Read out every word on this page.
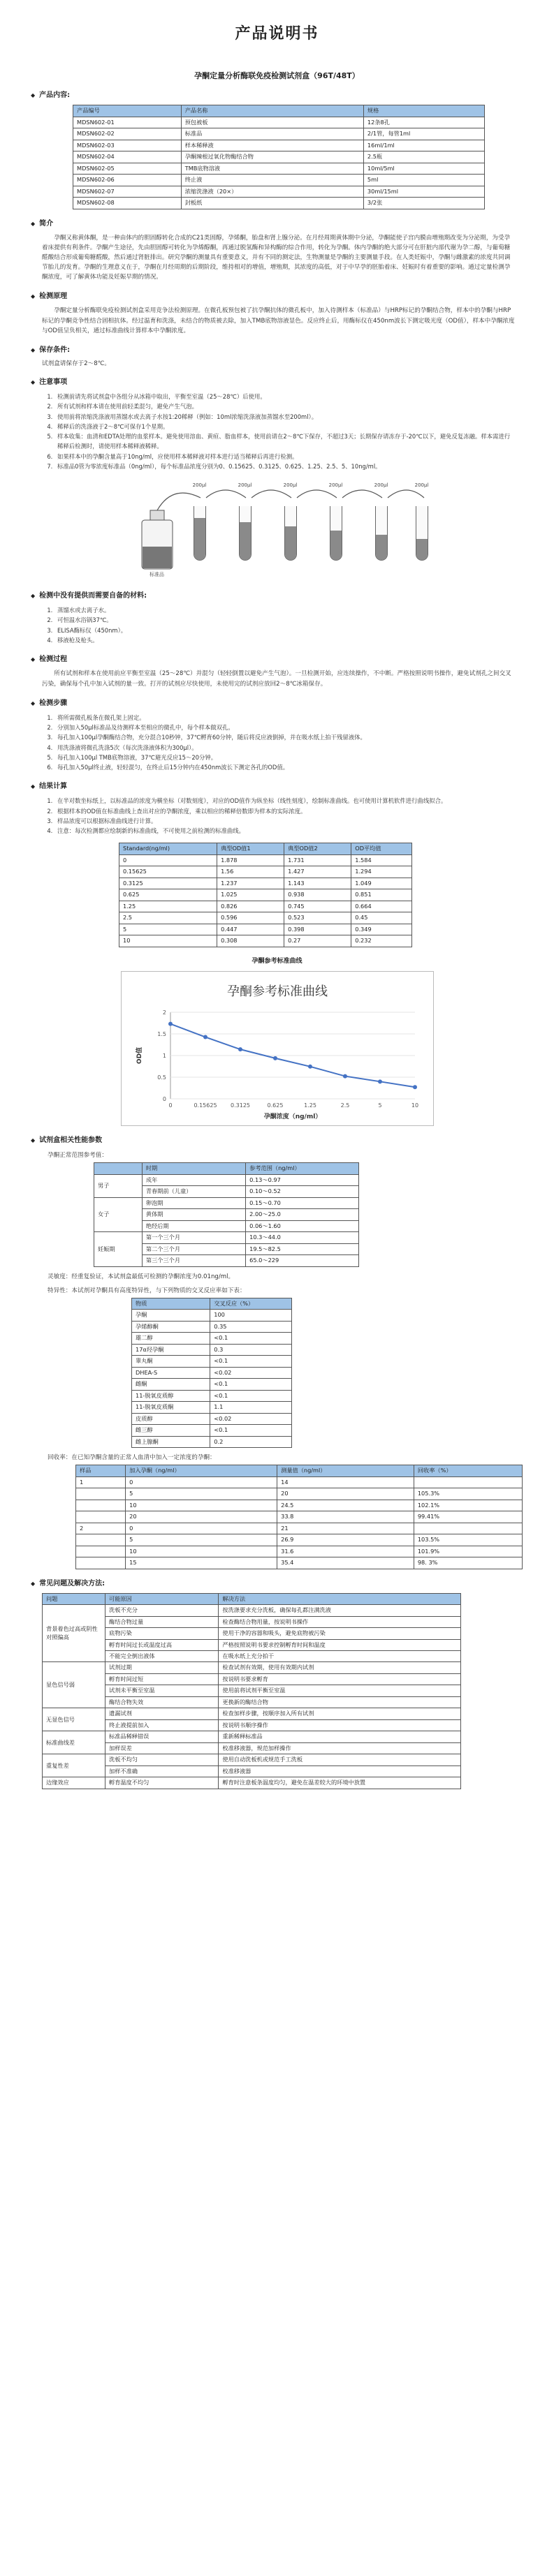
产品说明书
孕酮定量分析酶联免疫检测试剂盒（96T/48T）
◆ 产品内容:
产品编号	产品名称	规格
MDSN602-01	预包被板	12条8孔
MDSN602-02	标准品	2/1管，每管1ml
MDSN602-03	样本稀释液	16ml/1ml
MDSN602-04	孕酮辣根过氧化物酶结合物	2.5瓶
MDSN602-05	TMB底物溶液	10ml/5ml
MDSN602-06	终止液	5ml
MDSN602-07	浓缩洗涤液（20×）	30ml/15ml
MDSN602-08	封板纸	3/2张
◆ 简介
孕酮又称黄体酮，是一种由体内的胆固醇转化合成的C21类固醇，孕烯酮，胎盘和肾上腺分泌。在月经周期黄体期中分泌，孕酮能使子宫内膜由增殖期改变为分泌期，为受孕着床提供有利条件。孕酮产生途径，先由胆固醇可转化为孕烯醇酮，再通过脱氢酶和异构酶的综合作用，转化为孕酮。体内孕酮的绝大部分可在肝脏内部代谢为孕二醇，与葡萄糖醛酸结合形成葡萄糖醛酸，然后通过肾脏排出。研究孕酮的测量具有重要意义，并有不同的测定法，生物测量是孕酮的主要测量手段。在人类妊娠中，孕酮与雌激素的浓度共同调节胎儿的发育。孕酮的生理意义在于，孕酮在月经周期的后期阶段，维持相对的增值，增殖期，其浓度的高低，对于中早孕的胚胎着床、妊娠时有着重要的影响。通过定量检测孕酮浓度，可了解黄体功能及妊娠早期的情况。
◆ 检测原理
孕酮定量分析酶联免疫检测试剂盒采用竞争法检测原理。在微孔板预包被了抗孕酮抗体的微孔板中，加入待测样本（标准品）与HRP标记的孕酮结合物，样本中的孕酮与HRP标记的孕酮竞争性结合固相抗体。经过温育和洗涤，未结合的物质被去除，加入TMB底物溶液显色。反应终止后，用酶标仪在450nm波长下测定吸光度（OD值），样本中孕酮浓度与OD值呈负相关，通过标准曲线计算样本中孕酮浓度。
◆ 保存条件:
试剂盒请保存于2～8℃。
◆ 注意事项
1. 检测前请先将试剂盒中各组分从冰箱中取出，平衡至室温（25～28℃）后使用。
2. 所有试剂和样本请在使用前轻柔混匀，避免产生气泡。
3. 使用前将浓缩洗涤液用蒸馏水或去离子水按1:20稀释（例如：10ml浓缩洗涤液加蒸馏水至200ml）。
4. 稀释后的洗涤液于2～8℃可保存1个星期。
5. 样本收集：血清和EDTA处理的血浆样本。避免使用溶血、黄疸、脂血样本，使用前请在2～8℃下保存，不超过3天；长期保存请冻存于-20℃以下，避免反复冻融。样本需进行稀释后检测时，请使用样本稀释液稀释。
6. 如果样本中的孕酮含量高于10ng/ml，应使用样本稀释液对样本进行适当稀释后再进行检测。
7. 标准品0管为零浓度标准品（0ng/ml），每个标准品浓度分别为0、0.15625、0.3125、0.625、1.25、2.5、5、10ng/ml。
标准品
200μl	200μl	200μl	200μl	200μl	200μl
◆ 检测中没有提供而需要自备的材料:
1. 蒸馏水或去离子水。
2. 可恒温水浴锅37℃。
3. ELISA酶标仪（450nm）。
4. 移液枪及枪头。
◆ 检测过程
所有试剂和样本在使用前应平衡至室温（25～28℃）并混匀（轻轻倒置以避免产生气泡）。一旦检测开始，应连续操作，不中断。严格按照说明书操作，避免试剂孔之间交叉污染，确保每个孔中加入试剂的量一致。打开的试剂应尽快使用，未使用完的试剂应放回2～8℃冰箱保存。
◆ 检测步骤
1. 将所需微孔板条在微孔架上固定。
2. 分别加入50μl标准品及待测样本至相应的微孔中，每个样本做双孔。
3. 每孔加入100μl孕酮酶结合物，充分混合10秒钟，37℃孵育60分钟，随后将反应液倒掉，并在吸水纸上拍干残留液体。
4. 用洗涤液将微孔洗涤5次（每次洗涤液体积为300μl）。
5. 每孔加入100μl TMB底物溶液，37℃避光反应15～20分钟。
6. 每孔加入50μl终止液，轻轻混匀，在终止后15分钟内在450nm波长下测定各孔的OD值。
◆ 结果计算
1. 在半对数坐标纸上，以标准品的浓度为横坐标（对数刻度），对应的OD值作为纵坐标（线性刻度），绘制标准曲线。也可使用计算机软件进行曲线拟合。
2. 根据样本的OD值在标准曲线上查出对应的孕酮浓度，乘以相应的稀释倍数即为样本的实际浓度。
3. 样品浓度可以根据标准曲线进行计算。
4. 注意：每次检测都应绘制新的标准曲线，不可使用之前检测的标准曲线。
Standard(ng/ml)	典型OD值1	典型OD值2	OD平均值
0	1.878	1.731	1.584
0.15625	1.56	1.427	1.294
0.3125	1.237	1.143	1.049
0.625	1.025	0.938	0.851
1.25	0.826	0.745	0.664
2.5	0.596	0.523	0.45
5	0.447	0.398	0.349
10	0.308	0.27	0.232
孕酮参考标准曲线
孕酮参考标准曲线
0
0.5
1
1.5
2
0	0.15625 0.3125	0.625	1.25	2.5	5	10
孕酮浓度（ng/ml）
OD值
◆ 试剂盒相关性能参数
孕酮正常范围参考值：
	时期	参考范围（ng/ml）
男子	成年	0.13～0.97
	青春期前（儿童）	0.10～0.52
女子	卵泡期	0.15～0.70
	黄体期	2.00～25.0
	绝经后期	0.06～1.60
妊娠期	第一个三个月	10.3～44.0
	第二个三个月	19.5～82.5
	第三个三个月	65.0～229
灵敏度：经重复验证，本试剂盒最低可检测的孕酮浓度为0.01ng/ml。
特异性：本试剂对孕酮具有高度特异性，与下列物质的交叉反应率如下表：
物质	交叉反应（%）
孕酮	100
孕烯醇酮	0.35
雄二醇	<0.1
17α羟孕酮	0.3
睾丸酮	<0.1
DHEA-S	<0.02
雌酮	<0.1
11-脱氧皮质醇	<0.1
11-脱氧皮质酮	1.1
皮质醇	<0.02
雌三醇	<0.1
雌上腺酮	0.2
回收率：在已知孕酮含量的正常人血清中加入一定浓度的孕酮：
样品	加入孕酮（ng/ml）	测量值（ng/ml）	回收率（%）
1	0	14	
	5	20	105.3%
	10	24.5	102.1%
	20	33.8	99.41%
2	0	21	
	5	26.9	103.5%
	10	31.6	101.9%
	15	35.4	98. 3%
◆ 常见问题及解决方法:
问题	可能原因	解决方法
背景着色过高或阴性对照偏高	洗板不充分	按洗涤要求充分洗板，确保每孔都注满洗液
	酶结合物过量	检查酶结合物用量，按说明书操作
	底物污染	使用干净的容器和吸头，避免底物被污染
	孵育时间过长或温度过高	严格按照说明书要求控制孵育时间和温度
	不能完全倒出液体	在吸水纸上充分拍干
显色信号弱	试剂过期	检查试剂有效期，使用有效期内试剂
	孵育时间过短	按说明书要求孵育
	试剂未平衡至室温	使用前将试剂平衡至室温
	酶结合物失效	更换新的酶结合物
无显色信号	遗漏试剂	检查加样步骤，按顺序加入所有试剂
	终止液提前加入	按说明书顺序操作
标准曲线差	标准品稀释错误	重新稀释标准品
	加样误差	校准移液器，规范加样操作
重复性差	洗板不均匀	使用自动洗板机或规范手工洗板
	加样不准确	校准移液器
边缘效应	孵育温度不均匀	孵育时注意板条温度均匀，避免在温差较大的环境中放置
